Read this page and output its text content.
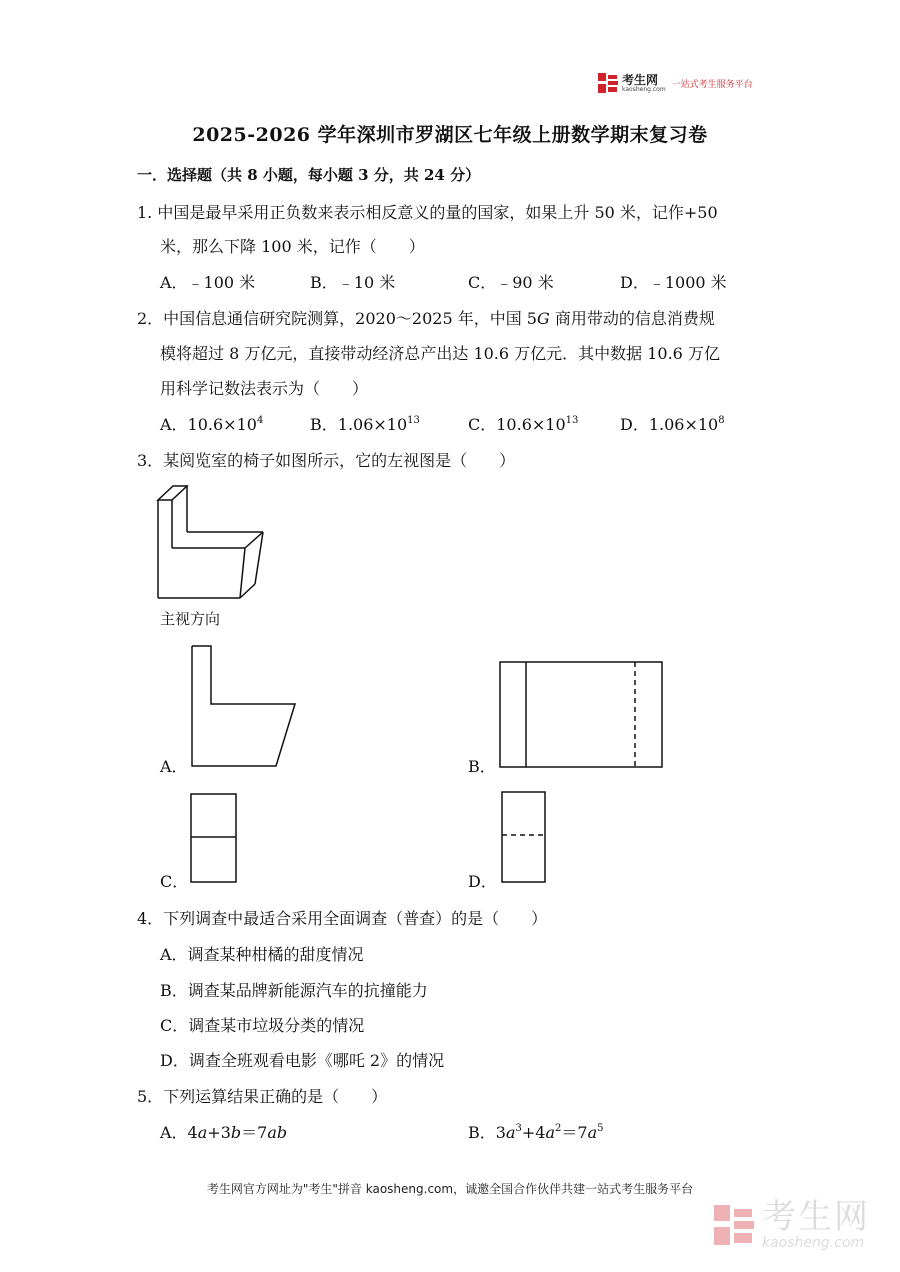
考生网
kaosheng.com 一站式考生服务平台
2025-2026 学年深圳市罗湖区七年级上册数学期末复习卷
一．选择题（共 8 小题，每小题 3 分，共 24 分）
1. 中国是最早采用正负数来表示相反意义的量的国家，如果上升 50 米，记作+50
米，那么下降 100 米，记作（　　）
A．﹣100 米	B．﹣10 米	C．﹣90 米	D．﹣1000 米
2．中国信息通信研究院测算，2020～2025 年，中国 5G 商用带动的信息消费规
模将超过 8 万亿元，直接带动经济总产出达 10.6 万亿元．其中数据 10.6 万亿
用科学记数法表示为（　　）
A．$10.6\times 10^4$	B．$1.06\times 10^{13}$	C．$10.6\times 10^{13}$	D．$1.06\times 10^8$
3．某阅览室的椅子如图所示，它的左视图是（　　）
主视方向
A．	B．
C．	D．
4．下列调查中最适合采用全面调查（普查）的是（　　）
A．调查某种柑橘的甜度情况
B．调查某品牌新能源汽车的抗撞能力
C．调查某市垃圾分类的情况
D．调查全班观看电影《哪吒 2》的情况
5．下列运算结果正确的是（　　）
A．4a+3b＝7ab	B．$3a^3+4a^2=7a^5$
考生网官方网址为"考生"拼音 kaosheng.com，诚邀全国合作伙伴共建一站式考生服务平台
考生网
kaosheng.com
